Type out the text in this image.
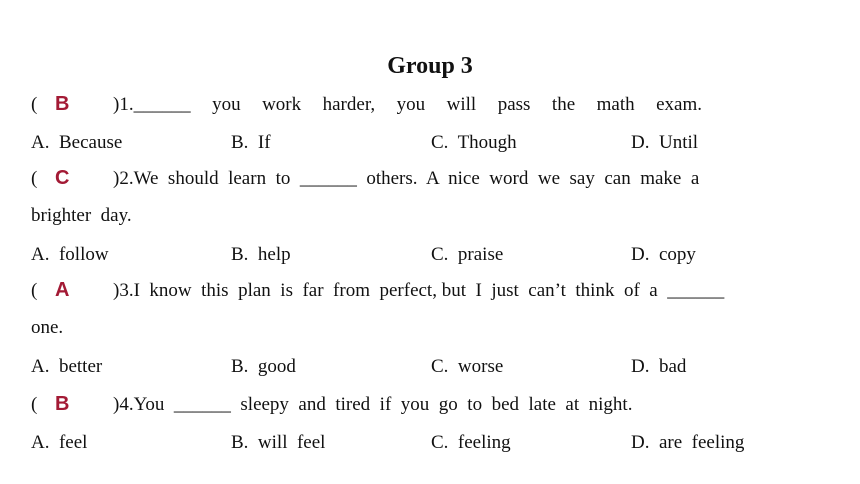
Group 3
( B	)1.______  you  work  harder,  you  will  pass  the  math  exam.
A.  Because	B.  If	C.  Though	D.  Until
( C	)2.We  should  learn  to  ______  others.  A  nice  word  we  say  can  make  a
brighter  day.
A.  follow	B.  help	C.  praise	D.  copy
( A	)3.I  know  this  plan  is  far  from  perfect, but  I  just  can’t  think  of  a  ______
one.
A.  better	B.  good	C.  worse	D.  bad
( B	)4.You  ______  sleepy  and  tired  if  you  go  to  bed  late  at  night.
A.  feel	B.  will  feel	C.  feeling	D.  are  feeling
